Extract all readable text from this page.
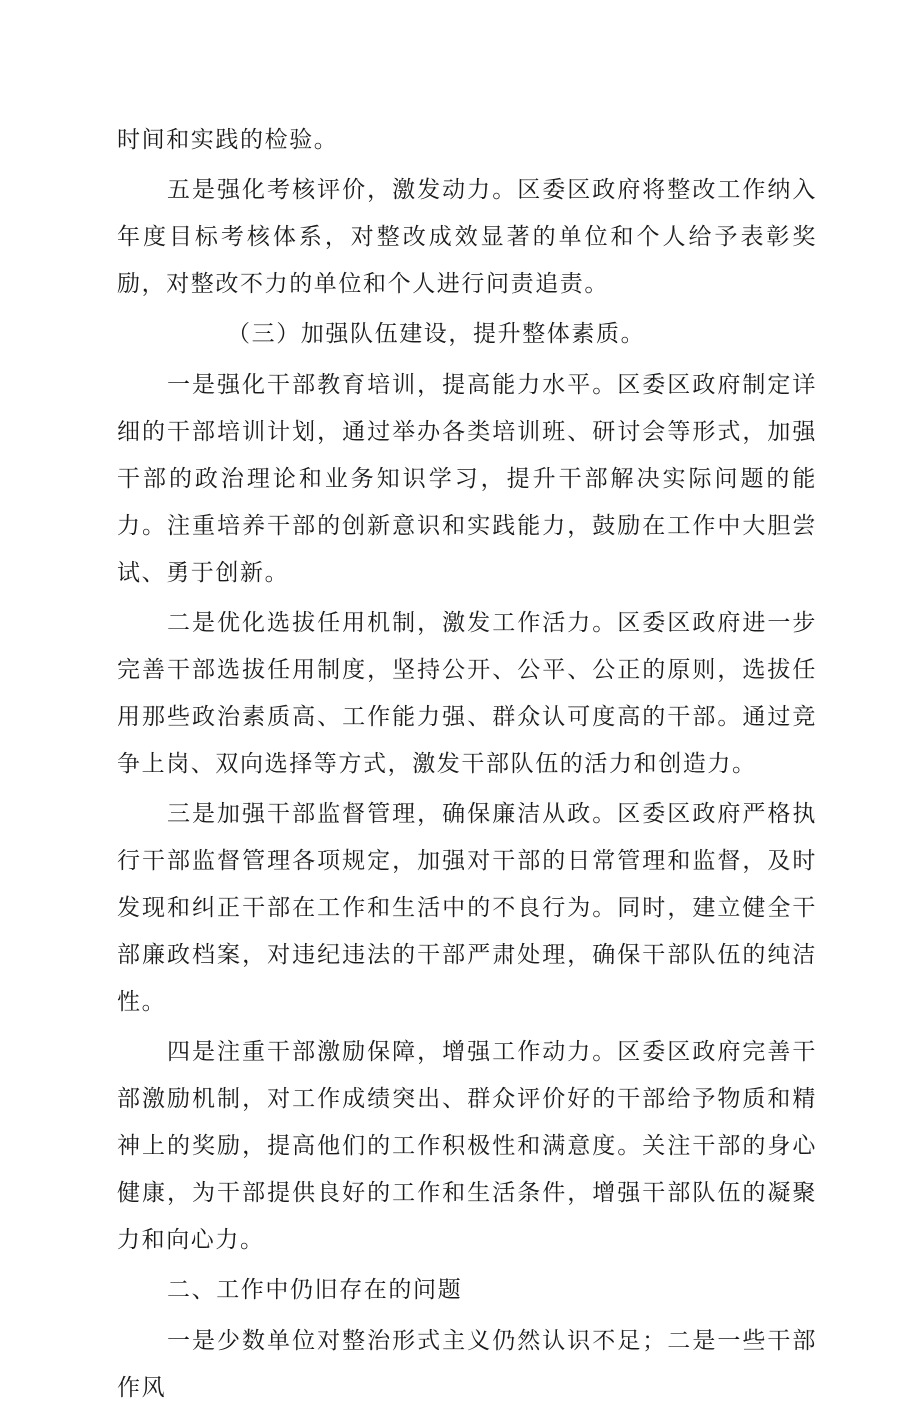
时间和实践的检验。

五是强化考核评价，激发动力。区委区政府将整改工作纳入年度目标考核体系，对整改成效显著的单位和个人给予表彰奖励，对整改不力的单位和个人进行问责追责。

（三）加强队伍建设，提升整体素质。

一是强化干部教育培训，提高能力水平。区委区政府制定详细的干部培训计划，通过举办各类培训班、研讨会等形式，加强干部的政治理论和业务知识学习，提升干部解决实际问题的能力。注重培养干部的创新意识和实践能力，鼓励在工作中大胆尝试、勇于创新。

二是优化选拔任用机制，激发工作活力。区委区政府进一步完善干部选拔任用制度，坚持公开、公平、公正的原则，选拔任用那些政治素质高、工作能力强、群众认可度高的干部。通过竞争上岗、双向选择等方式，激发干部队伍的活力和创造力。

三是加强干部监督管理，确保廉洁从政。区委区政府严格执行干部监督管理各项规定，加强对干部的日常管理和监督，及时发现和纠正干部在工作和生活中的不良行为。同时，建立健全干部廉政档案，对违纪违法的干部严肃处理，确保干部队伍的纯洁性。

四是注重干部激励保障，增强工作动力。区委区政府完善干部激励机制，对工作成绩突出、群众评价好的干部给予物质和精神上的奖励，提高他们的工作积极性和满意度。关注干部的身心健康，为干部提供良好的工作和生活条件，增强干部队伍的凝聚力和向心力。

二、工作中仍旧存在的问题

一是少数单位对整治形式主义仍然认识不足；二是一些干部作风
